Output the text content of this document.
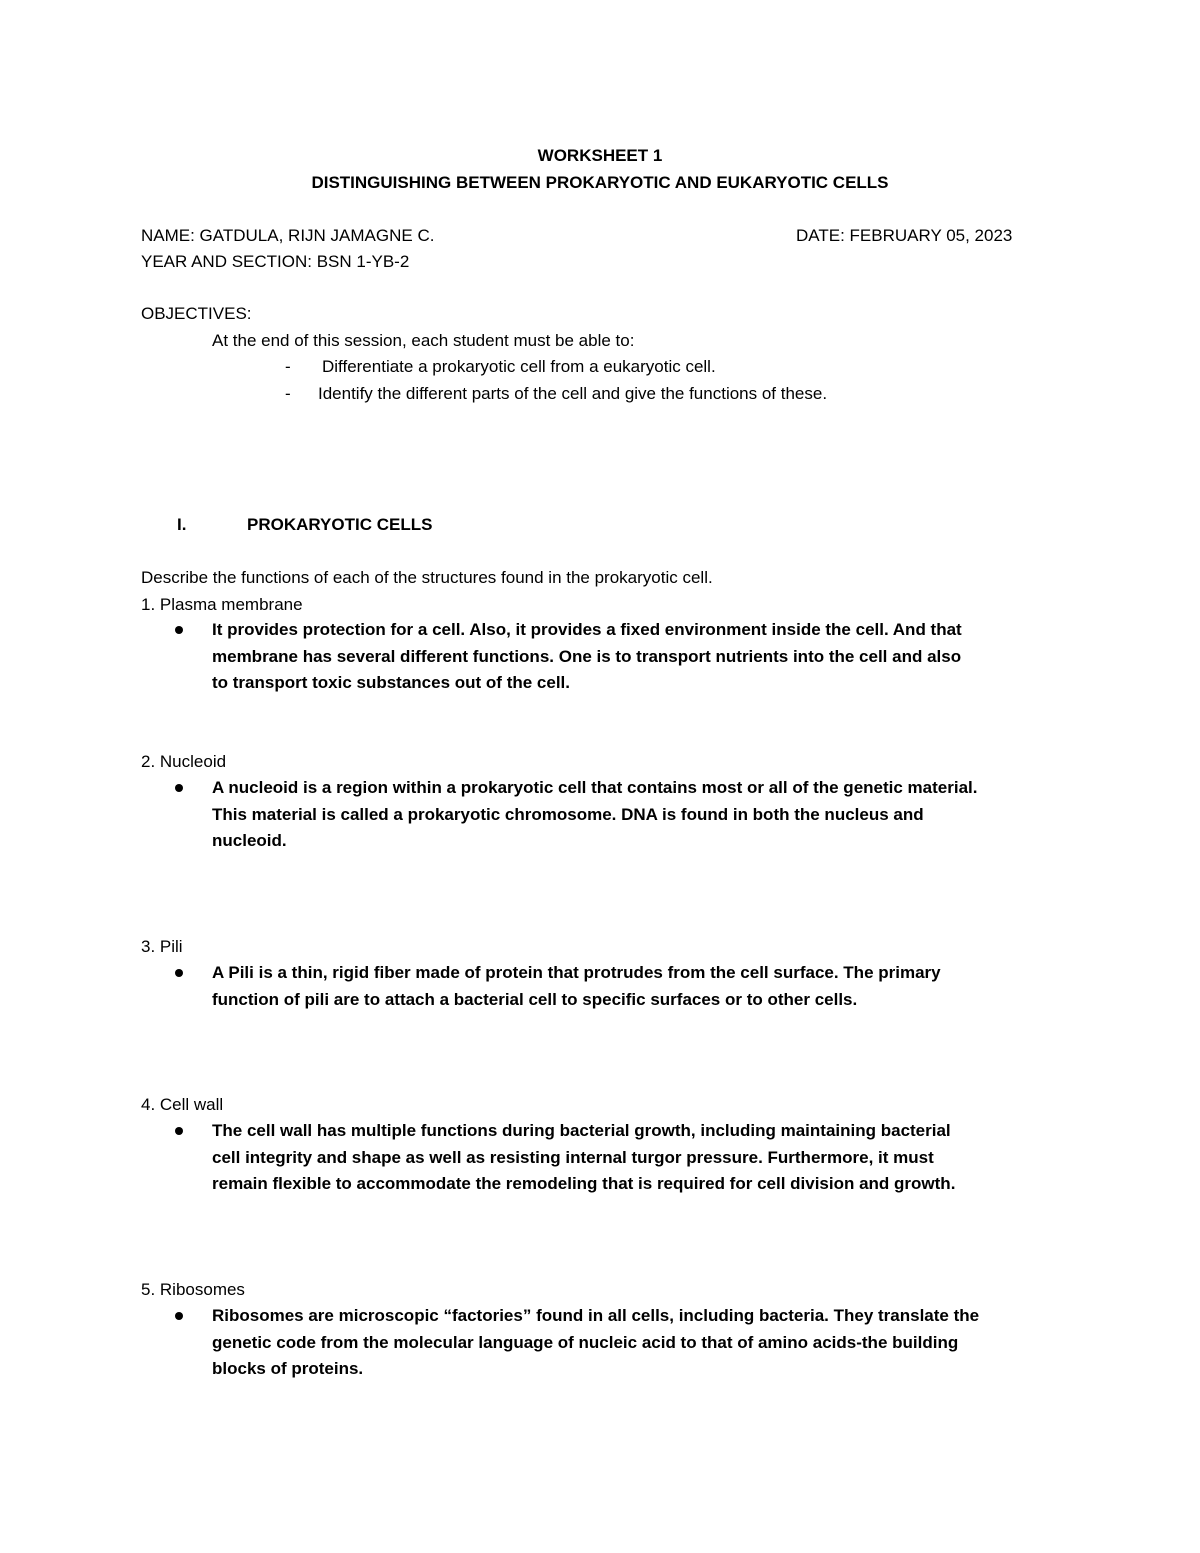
WORKSHEET 1
DISTINGUISHING BETWEEN PROKARYOTIC AND EUKARYOTIC CELLS
NAME: GATDULA, RIJN JAMAGNE C.	DATE: FEBRUARY 05, 2023
YEAR AND SECTION: BSN 1-YB-2
OBJECTIVES:
At the end of this session, each student must be able to:
- Differentiate a prokaryotic cell from a eukaryotic cell.
- Identify the different parts of the cell and give the functions of these.
I.	PROKARYOTIC CELLS
Describe the functions of each of the structures found in the prokaryotic cell.
1. Plasma membrane
It provides protection for a cell. Also, it provides a fixed environment inside the cell. And that
membrane has several different functions. One is to transport nutrients into the cell and also
to transport toxic substances out of the cell.
2. Nucleoid
A nucleoid is a region within a prokaryotic cell that contains most or all of the genetic material.
This material is called a prokaryotic chromosome. DNA is found in both the nucleus and
nucleoid.
3. Pili
A Pili is a thin, rigid fiber made of protein that protrudes from the cell surface. The primary
function of pili are to attach a bacterial cell to specific surfaces or to other cells.
4. Cell wall
The cell wall has multiple functions during bacterial growth, including maintaining bacterial
cell integrity and shape as well as resisting internal turgor pressure. Furthermore, it must
remain flexible to accommodate the remodeling that is required for cell division and growth.
5. Ribosomes
Ribosomes are microscopic “factories” found in all cells, including bacteria. They translate the
genetic code from the molecular language of nucleic acid to that of amino acids-the building
blocks of proteins.
